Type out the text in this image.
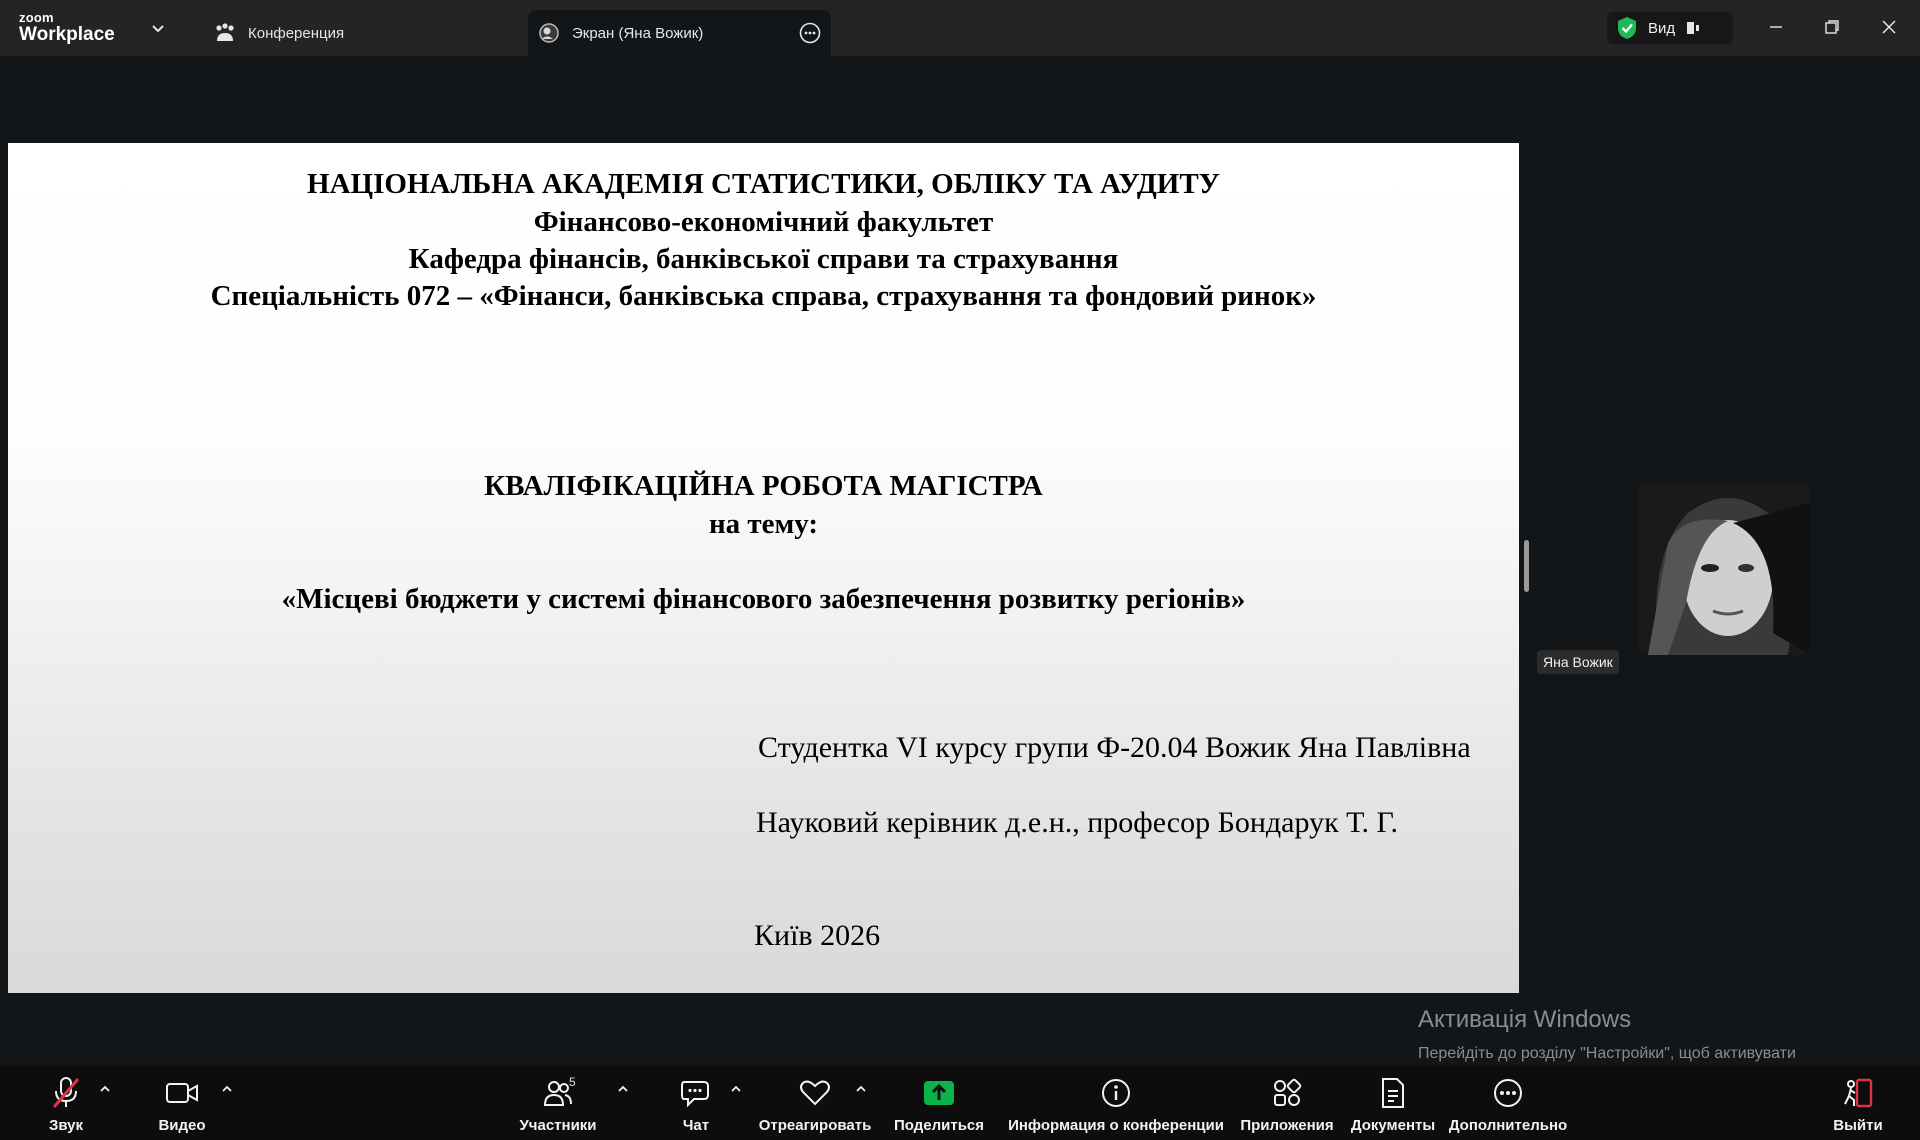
zoom
Workplace	Конференция	Экран (Яна Вожик)	Вид
НАЦІОНАЛЬНА АКАДЕМІЯ СТАТИСТИКИ, ОБЛІКУ ТА АУДИТУ
Фінансово-економічний факультет
Кафедра фінансів, банківської справи та страхування
Спеціальність 072 – «Фінанси, банківська справа, страхування та фондовий ринок»
КВАЛІФІКАЦІЙНА РОБОТА МАГІСТРА
на тему:
«Місцеві бюджети у системі фінансового забезпечення розвитку регіонів»
Студентка VI курсу групи Ф-20.04 Вожик Яна Павлівна
Науковий керівник д.е.н., професор Бондарук Т. Г.
Київ 2026
Яна Вожик
Активація Windows
Перейдіть до розділу "Настройки", щоб активувати
Звук	Видео
5
Участники	Чат	Отреагировать Поделиться Информация о конференции Приложения Документы Дополнительно	Выйти
